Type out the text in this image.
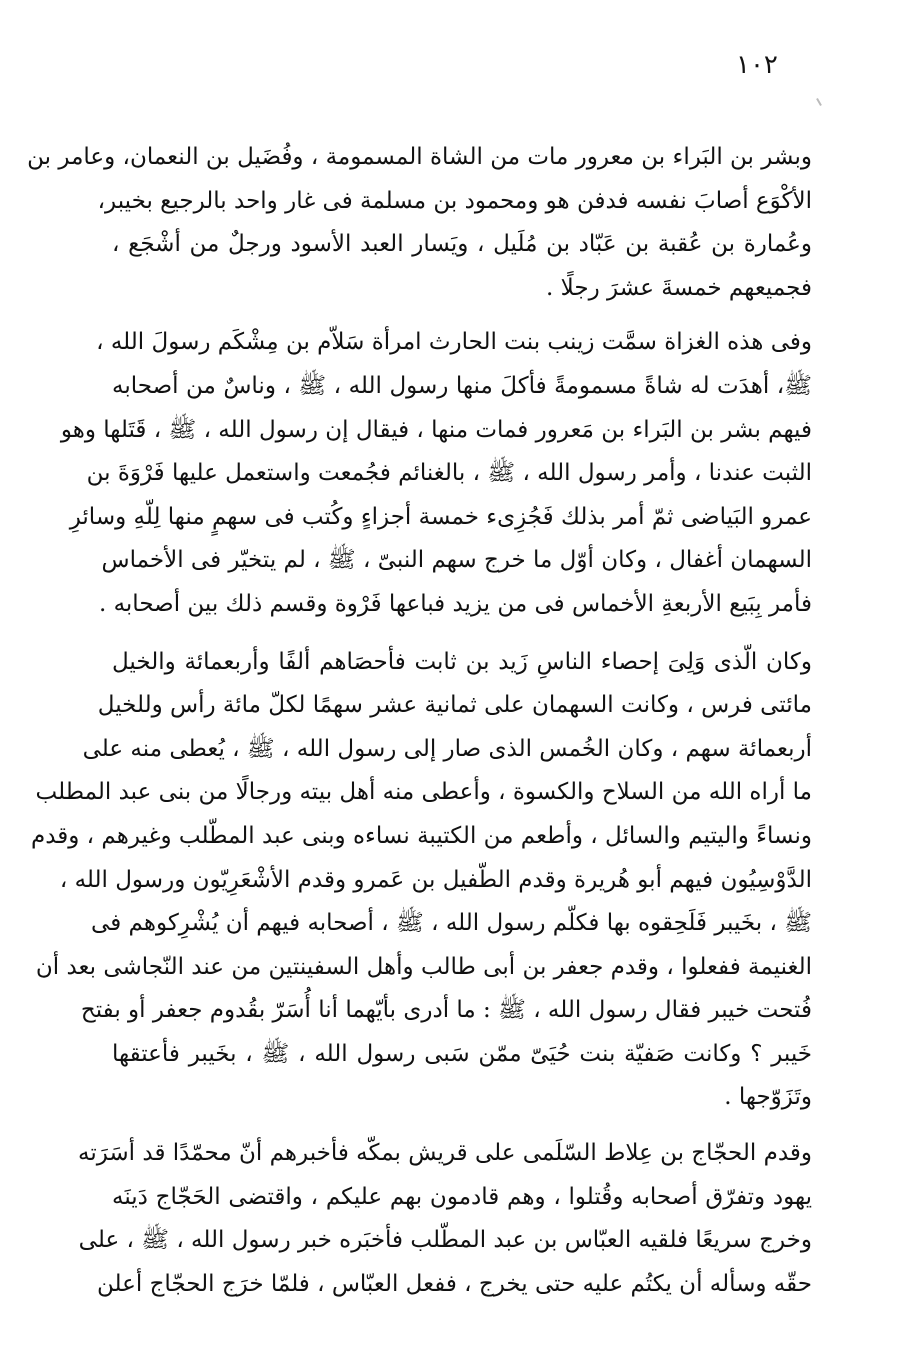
١٠٢

وبشر بن البَراء بن معرور مات من الشاة المسمومة ، وفُضَيل بن النعمان، وعامر بن
الأكْوَع أصابَ نفسه فدفن هو ومحمود بن مسلمة فى غار واحد بالرجيع بخيبر،
وعُمارة بن عُقبة بن عَبّاد بن مُلَيل ، ويَسار العبد الأسود ورجلٌ من أشْجَع ،
فجميعهم خمسةَ عشرَ رجلًا .

وفى هذه الغزاة سمَّت زينب بنت الحارث امرأة سَلاّم بن مِشْكَم رسولَ الله ،
ﷺ، أهدَت له شاةً مسمومةً فأكلَ منها رسول الله ، ﷺ ، وناسٌ من أصحابه
فيهم بشر بن البَراء بن مَعرور فمات منها ، فيقال إن رسول الله ، ﷺ ، قَتَلها وهو
الثبت عندنا ، وأمر رسول الله ، ﷺ ، بالغنائم فجُمعت واستعمل عليها فَرْوَةَ بن
عمرو البَياضى ثمّ أمر بذلك فَجُزِىء خمسة أجزاءٍ وكُتب فى سهمٍ منها لِلّهِ وسائرِ
السهمان أغفال ، وكان أوّل ما خرج سهم النبىّ ، ﷺ ، لم يتخيّر فى الأخماس
فأمر بِبَيع الأربعةِ الأخماس فى من يزيد فباعها فَرْوة وقسم ذلك بين أصحابه .

وكان الّذى وَلِىَ إحصاء الناسِ زَيد بن ثابت فأحصَاهم ألفًا وأربعمائة والخيل
مائتى فرس ، وكانت السهمان على ثمانية عشر سهمًا لكلّ مائة رأس وللخيل
أربعمائة سهم ، وكان الخُمس الذى صار إلى رسول الله ، ﷺ ، يُعطى منه على
ما أراه الله من السلاح والكسوة ، وأعطى منه أهل بيته ورجالًا من بنى عبد المطلب
ونساءً واليتيم والسائل ، وأطعم من الكتيبة نساءه وبنى عبد المطّلب وغيرهم ، وقدم
الدَّوْسِيُون فيهم أبو هُريرة وقدم الطّفيل بن عَمرو وقدم الأشْعَرِيّون ورسول الله ،
ﷺ ، بخَيبر فَلَحِقوه بها فكلّم رسول الله ، ﷺ ، أصحابه فيهم أن يُشْرِكوهم فى
الغنيمة ففعلوا ، وقدم جعفر بن أبى طالب وأهل السفينتين من عند النّجاشى بعد أن
فُتحت خيبر فقال رسول الله ، ﷺ : ما أدرى بأيّهما أنا أُسَرّ بقُدوم جعفر أو بفتح
خَيبر ؟ وكانت صَفيّة بنت حُيَىّ ممّن سَبى رسول الله ، ﷺ ، بخَيبر فأعتقها
وتَزَوّجها .

وقدم الحجّاج بن عِلاط السّلَمى على قريش بمكّه فأخبرهم أنّ محمّدًا قد أسَرَته
يهود وتفرّق أصحابه وقُتلوا ، وهم قادمون بهم عليكم ، واقتضى الحَجّاج دَينَه
وخرج سريعًا فلقيه العبّاس بن عبد المطّلب فأخبَره خبر رسول الله ، ﷺ ، على
حقّه وسأله أن يكتُم عليه حتى يخرج ، ففعل العبّاس ، فلمّا خرَج الحجّاج أعلن
